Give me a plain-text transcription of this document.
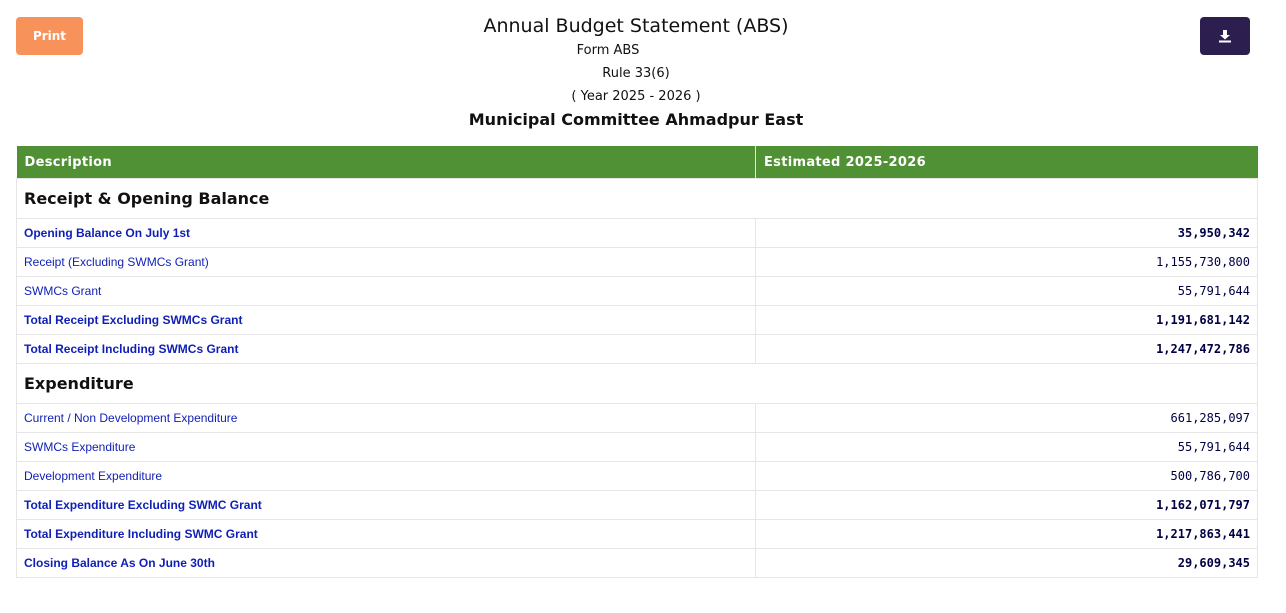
Print	Annual Budget Statement (ABS)
Form ABS
Rule 33(6)
( Year 2025 - 2026 )
Municipal Committee Ahmadpur East
Description	Estimated 2025-2026
Receipt & Opening Balance	
Opening Balance On July 1st	35,950,342
Receipt (Excluding SWMCs Grant)	1,155,730,800
SWMCs Grant	55,791,644
Total Receipt Excluding SWMCs Grant	1,191,681,142
Total Receipt Including SWMCs Grant	1,247,472,786
Expenditure	
Current / Non Development Expenditure	661,285,097
SWMCs Expenditure	55,791,644
Development Expenditure	500,786,700
Total Expenditure Excluding SWMC Grant	1,162,071,797
Total Expenditure Including SWMC Grant	1,217,863,441
Closing Balance As On June 30th	29,609,345
